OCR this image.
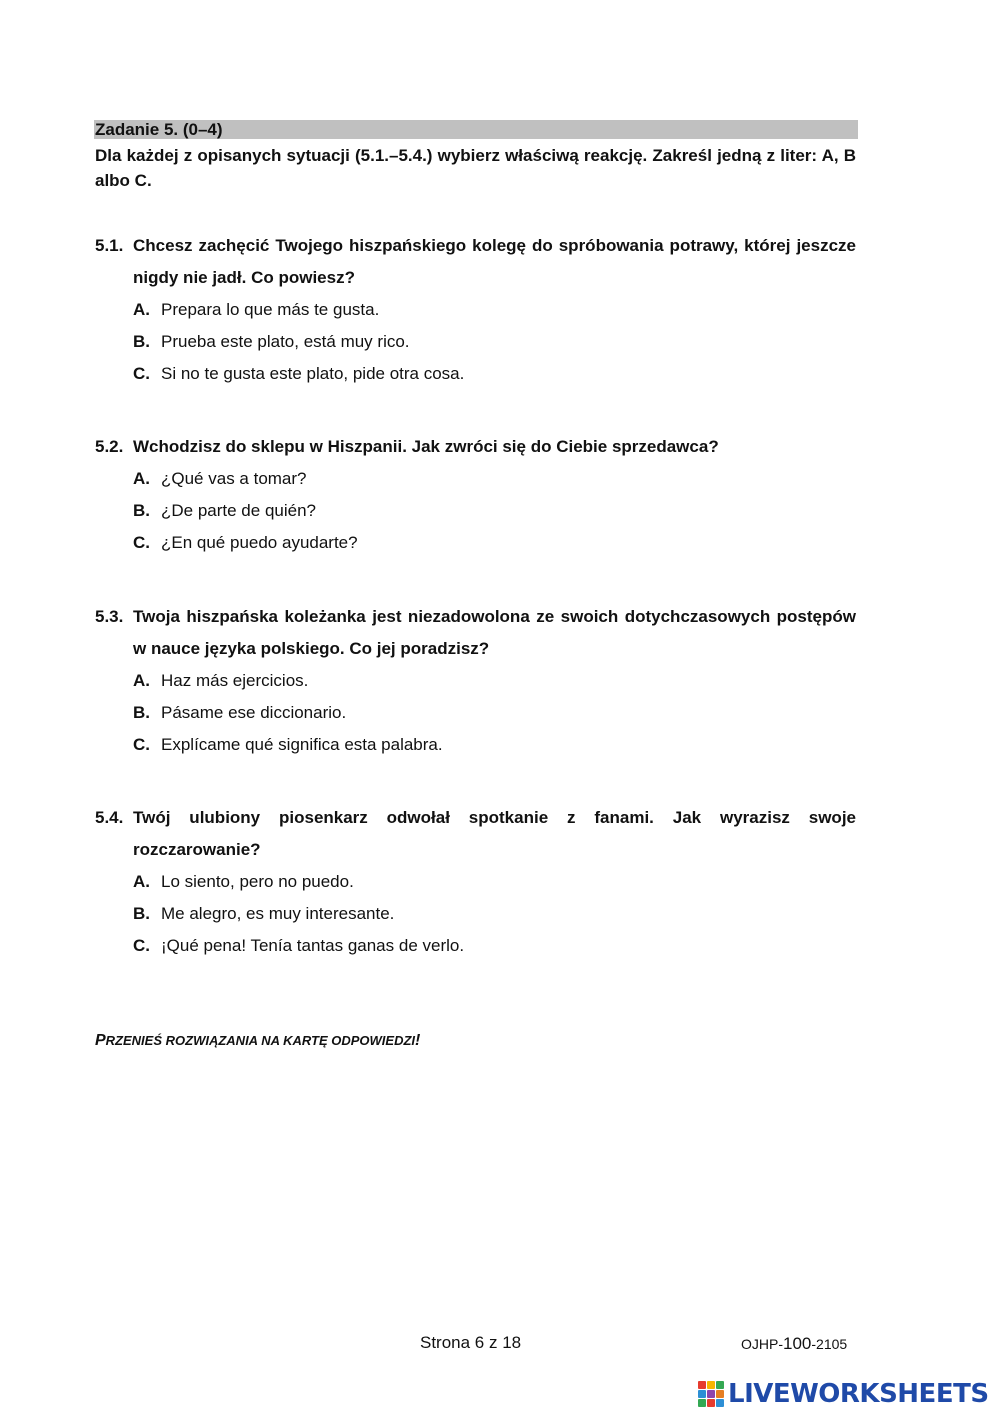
Zadanie 5. (0–4)
Dla każdej z opisanych sytuacji (5.1.–5.4.) wybierz właściwą reakcję. Zakreśl jedną z liter: A, B albo C.
5.1. Chcesz zachęcić Twojego hiszpańskiego kolegę do spróbowania potrawy, której jeszcze nigdy nie jadł. Co powiesz?
A. Prepara lo que más te gusta.
B. Prueba este plato, está muy rico.
C. Si no te gusta este plato, pide otra cosa.
5.2. Wchodzisz do sklepu w Hiszpanii. Jak zwróci się do Ciebie sprzedawca?
A. ¿Qué vas a tomar?
B. ¿De parte de quién?
C. ¿En qué puedo ayudarte?
5.3. Twoja hiszpańska koleżanka jest niezadowolona ze swoich dotychczasowych postępów w nauce języka polskiego. Co jej poradzisz?
A. Haz más ejercicios.
B. Pásame ese diccionario.
C. Explícame qué significa esta palabra.
5.4. Twój ulubiony piosenkarz odwołał spotkanie z fanami. Jak wyrazisz swoje rozczarowanie?
A. Lo siento, pero no puedo.
B. Me alegro, es muy interesante.
C. ¡Qué pena! Tenía tantas ganas de verlo.
PRZENIEŚ ROZWIĄZANIA NA KARTĘ ODPOWIEDZI!
Strona 6 z 18	OJHP-100-2105
LIVEWORKSHEETS
